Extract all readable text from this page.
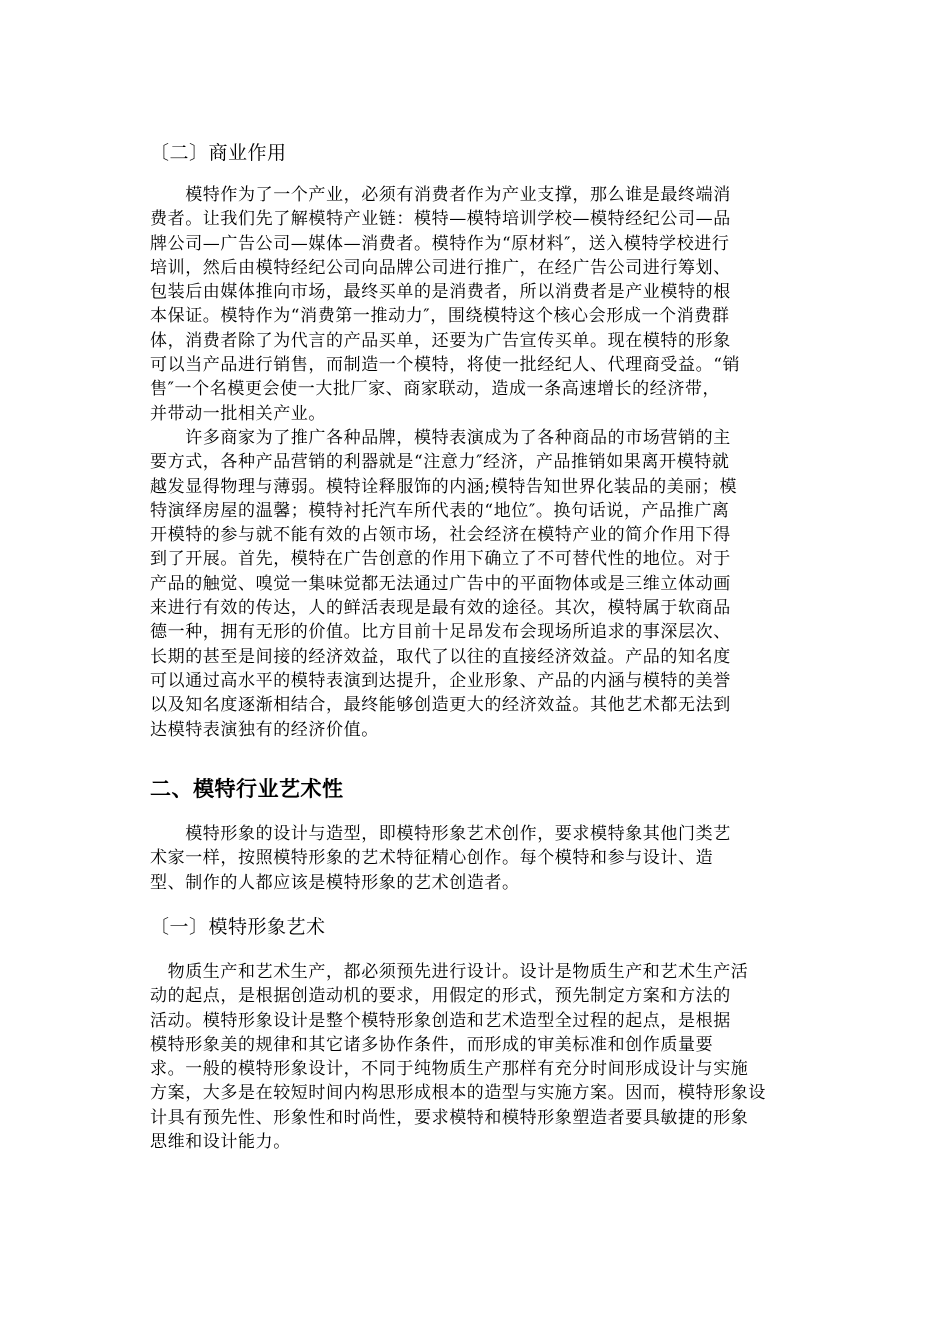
〔二〕商业作用
　　模特作为了一个产业，必须有消费者作为产业支撑，那么谁是最终端消
费者。让我们先了解模特产业链：模特—模特培训学校—模特经纪公司—品
牌公司—广告公司—媒体—消费者。模特作为“原材料″，送入模特学校进行
培训，然后由模特经纪公司向品牌公司进行推广，在经广告公司进行筹划、
包装后由媒体推向市场，最终买单的是消费者，所以消费者是产业模特的根
本保证。模特作为“消费第一推动力″，围绕模特这个核心会形成一个消费群
体，消费者除了为代言的产品买单，还要为广告宣传买单。现在模特的形象
可以当产品进行销售，而制造一个模特，将使一批经纪人、代理商受益。“销
售″一个名模更会使一大批厂家、商家联动，造成一条高速增长的经济带，
并带动一批相关产业。
　　许多商家为了推广各种品牌，模特表演成为了各种商品的市场营销的主
要方式，各种产品营销的利器就是“注意力″经济，产品推销如果离开模特就
越发显得物理与薄弱。模特诠释服饰的内涵;模特告知世界化装品的美丽；模
特演绎房屋的温馨；模特衬托汽车所代表的“地位″。换句话说，产品推广离
开模特的参与就不能有效的占领市场，社会经济在模特产业的简介作用下得
到了开展。首先，模特在广告创意的作用下确立了不可替代性的地位。对于
产品的触觉、嗅觉一集味觉都无法通过广告中的平面物体或是三维立体动画
来进行有效的传达，人的鲜活表现是最有效的途径。其次，模特属于软商品
德一种，拥有无形的价值。比方目前十足昂发布会现场所追求的事深层次、
长期的甚至是间接的经济效益，取代了以往的直接经济效益。产品的知名度
可以通过高水平的模特表演到达提升，企业形象、产品的内涵与模特的美誉
以及知名度逐渐相结合，最终能够创造更大的经济效益。其他艺术都无法到
达模特表演独有的经济价值。
二、模特行业艺术性
　　模特形象的设计与造型，即模特形象艺术创作，要求模特象其他门类艺
术家一样，按照模特形象的艺术特征精心创作。每个模特和参与设计、造
型、制作的人都应该是模特形象的艺术创造者。
〔一〕模特形象艺术
　物质生产和艺术生产，都必须预先进行设计。设计是物质生产和艺术生产活
动的起点，是根据创造动机的要求，用假定的形式，预先制定方案和方法的
活动。模特形象设计是整个模特形象创造和艺术造型全过程的起点，是根据
模特形象美的规律和其它诸多协作条件，而形成的审美标准和创作质量要
求。一般的模特形象设计，不同于纯物质生产那样有充分时间形成设计与实施
方案，大多是在较短时间内构思形成根本的造型与实施方案。因而，模特形象设
计具有预先性、形象性和时尚性，要求模特和模特形象塑造者要具敏捷的形象
思维和设计能力。
